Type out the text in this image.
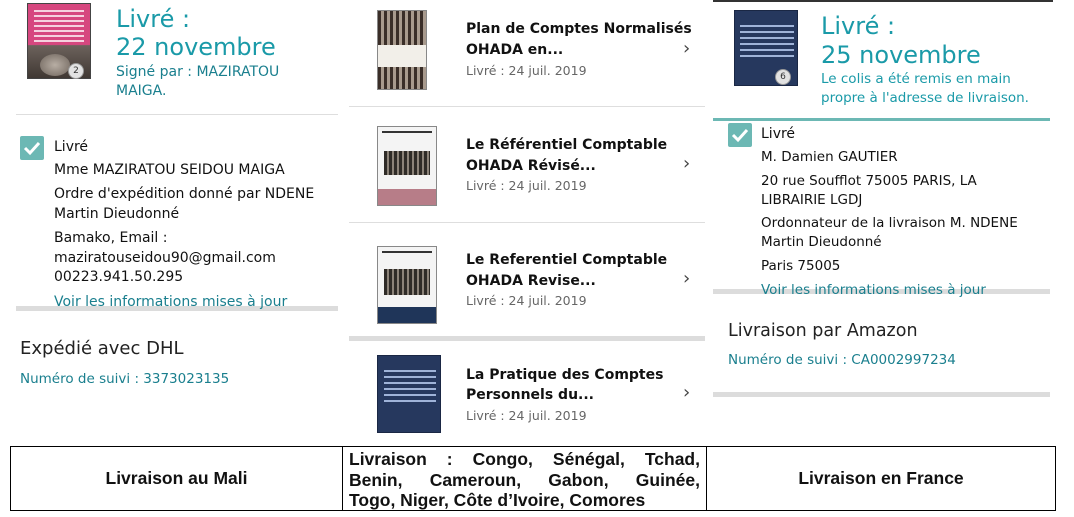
2
Livré :
22 novembre
Signé par : MAZIRATOU
MAIGA.
Livré
Mme MAZIRATOU SEIDOU MAIGA
Ordre d'expédition donné par NDENE
Martin Dieudonné
Bamako, Email :
maziratouseidou90@gmail.com
00223.941.50.295
Voir les informations mises à jour
Expédié avec DHL
Numéro de suivi : 3373023135
Plan de Comptes Normalisés
OHADA en...
Livré : 24 juil. 2019
›
Le Référentiel Comptable
OHADA Révisé...
Livré : 24 juil. 2019
›
Le Referentiel Comptable
OHADA Revise...
Livré : 24 juil. 2019
›
La Pratique des Comptes
Personnels du...
Livré : 24 juil. 2019
›
6
Livré :
25 novembre
Le colis a été remis en main
propre à l'adresse de livraison.
Livré
M. Damien GAUTIER
20 rue Soufflot 75005 PARIS, LA
LIBRAIRIE LGDJ
Ordonnateur de la livraison M. NDENE
Martin Dieudonné
Paris 75005
Voir les informations mises à jour
Livraison par Amazon
Numéro de suivi : CA0002997234
Livraison au Mali
Livraison : Congo, Sénégal, Tchad,
Benin, Cameroun, Gabon, Guinée,
Togo, Niger, Côte d’Ivoire, Comores
Livraison en France
